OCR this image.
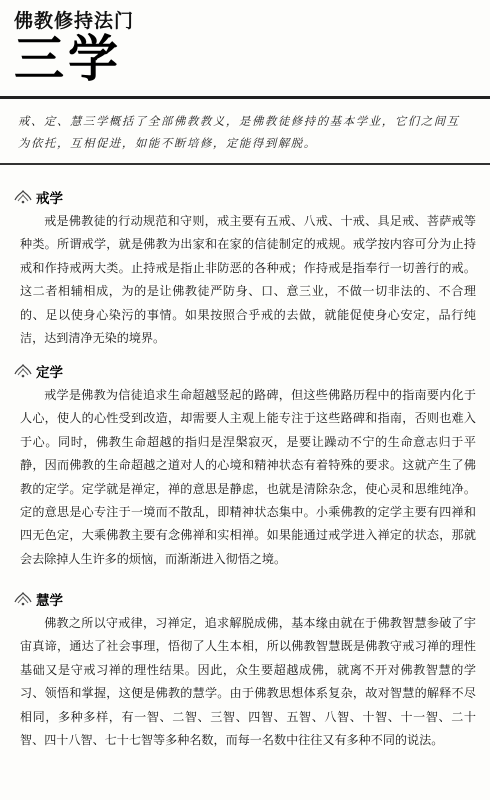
佛教修持法门
三学

戒、定、慧三学概括了全部佛教教义，是佛教徒修持的基本学业，它们之间互为依托，互相促进，如能不断培修，定能得到解脱。

戒学

戒是佛教徒的行动规范和守则，戒主要有五戒、八戒、十戒、具足戒、菩萨戒等种类。所谓戒学，就是佛教为出家和在家的信徒制定的戒规。戒学按内容可分为止持戒和作持戒两大类。止持戒是指止非防恶的各种戒；作持戒是指奉行一切善行的戒。这二者相辅相成，为的是让佛教徒严防身、口、意三业，不做一切非法的、不合理的、足以使身心染污的事情。如果按照合乎戒的去做，就能促使身心安定，品行纯洁，达到清净无染的境界。

定学

戒学是佛教为信徒追求生命超越竖起的路碑，但这些佛路历程中的指南要内化于人心，使人的心性受到改造，却需要人主观上能专注于这些路碑和指南，否则也难入于心。同时，佛教生命超越的指归是涅槃寂灭，是要让躁动不宁的生命意志归于平静，因而佛教的生命超越之道对人的心境和精神状态有着特殊的要求。这就产生了佛教的定学。定学就是禅定，禅的意思是静虑，也就是清除杂念，使心灵和思维纯净。定的意思是心专注于一境而不散乱，即精神状态集中。小乘佛教的定学主要有四禅和四无色定，大乘佛教主要有念佛禅和实相禅。如果能通过戒学进入禅定的状态，那就会去除掉人生许多的烦恼，而渐渐进入彻悟之境。

慧学

佛教之所以守戒律，习禅定，追求解脱成佛，基本缘由就在于佛教智慧参破了宇宙真谛，通达了社会事理，悟彻了人生本相，所以佛教智慧既是佛教守戒习禅的理性基础又是守戒习禅的理性结果。因此，众生要超越成佛，就离不开对佛教智慧的学习、领悟和掌握，这便是佛教的慧学。由于佛教思想体系复杂，故对智慧的解释不尽相同，多种多样，有一智、二智、三智、四智、五智、八智、十智、十一智、二十智、四十八智、七十七智等多种名数，而每一名数中往往又有多种不同的说法。
